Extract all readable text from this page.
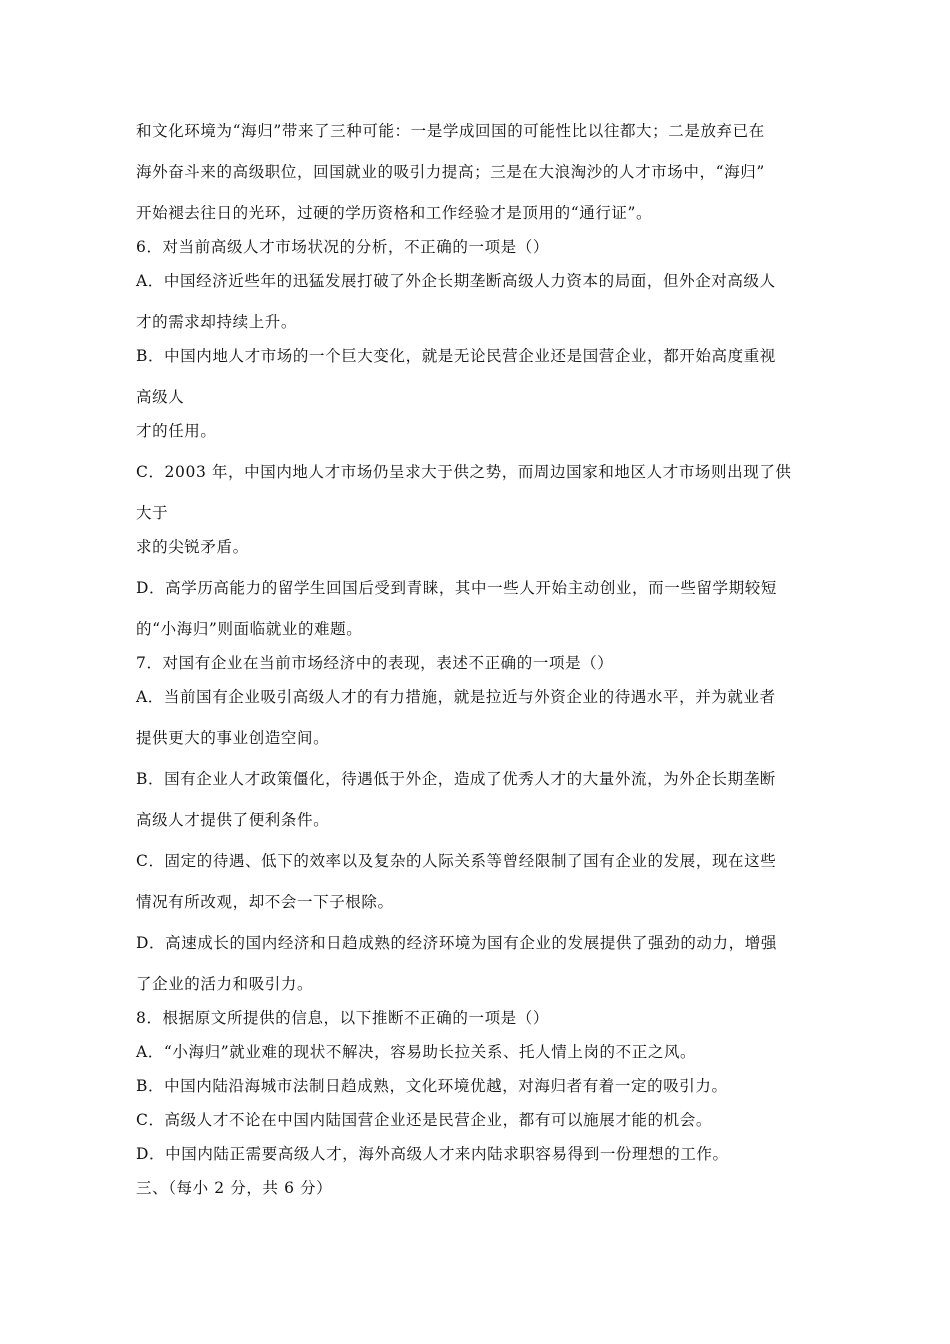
和文化环境为“海归”带来了三种可能：一是学成回国的可能性比以往都大；二是放弃已在

海外奋斗来的高级职位，回国就业的吸引力提高；三是在大浪淘沙的人才市场中，“海归”

开始褪去往日的光环，过硬的学历资格和工作经验才是顶用的“通行证”。

6．对当前高级人才市场状况的分析，不正确的一项是（）

A．中国经济近些年的迅猛发展打破了外企长期垄断高级人力资本的局面，但外企对高级人

才的需求却持续上升。

B．中国内地人才市场的一个巨大变化，就是无论民营企业还是国营企业，都开始高度重视

高级人

才的任用。

C．2003 年，中国内地人才市场仍呈求大于供之势，而周边国家和地区人才市场则出现了供

大于

求的尖锐矛盾。

D．高学历高能力的留学生回国后受到青睐，其中一些人开始主动创业，而一些留学期较短

的“小海归”则面临就业的难题。

7．对国有企业在当前市场经济中的表现，表述不正确的一项是（）

A．当前国有企业吸引高级人才的有力措施，就是拉近与外资企业的待遇水平，并为就业者

提供更大的事业创造空间。

B．国有企业人才政策僵化，待遇低于外企，造成了优秀人才的大量外流，为外企长期垄断

高级人才提供了便利条件。

C．固定的待遇、低下的效率以及复杂的人际关系等曾经限制了国有企业的发展，现在这些

情况有所改观，却不会一下子根除。

D．高速成长的国内经济和日趋成熟的经济环境为国有企业的发展提供了强劲的动力，增强

了企业的活力和吸引力。

8．根据原文所提供的信息，以下推断不正确的一项是（）

A．“小海归”就业难的现状不解决，容易助长拉关系、托人情上岗的不正之风。

B．中国内陆沿海城市法制日趋成熟，文化环境优越，对海归者有着一定的吸引力。

C．高级人才不论在中国内陆国营企业还是民营企业，都有可以施展才能的机会。

D．中国内陆正需要高级人才，海外高级人才来内陆求职容易得到一份理想的工作。

三、（每小 2 分，共 6 分）
